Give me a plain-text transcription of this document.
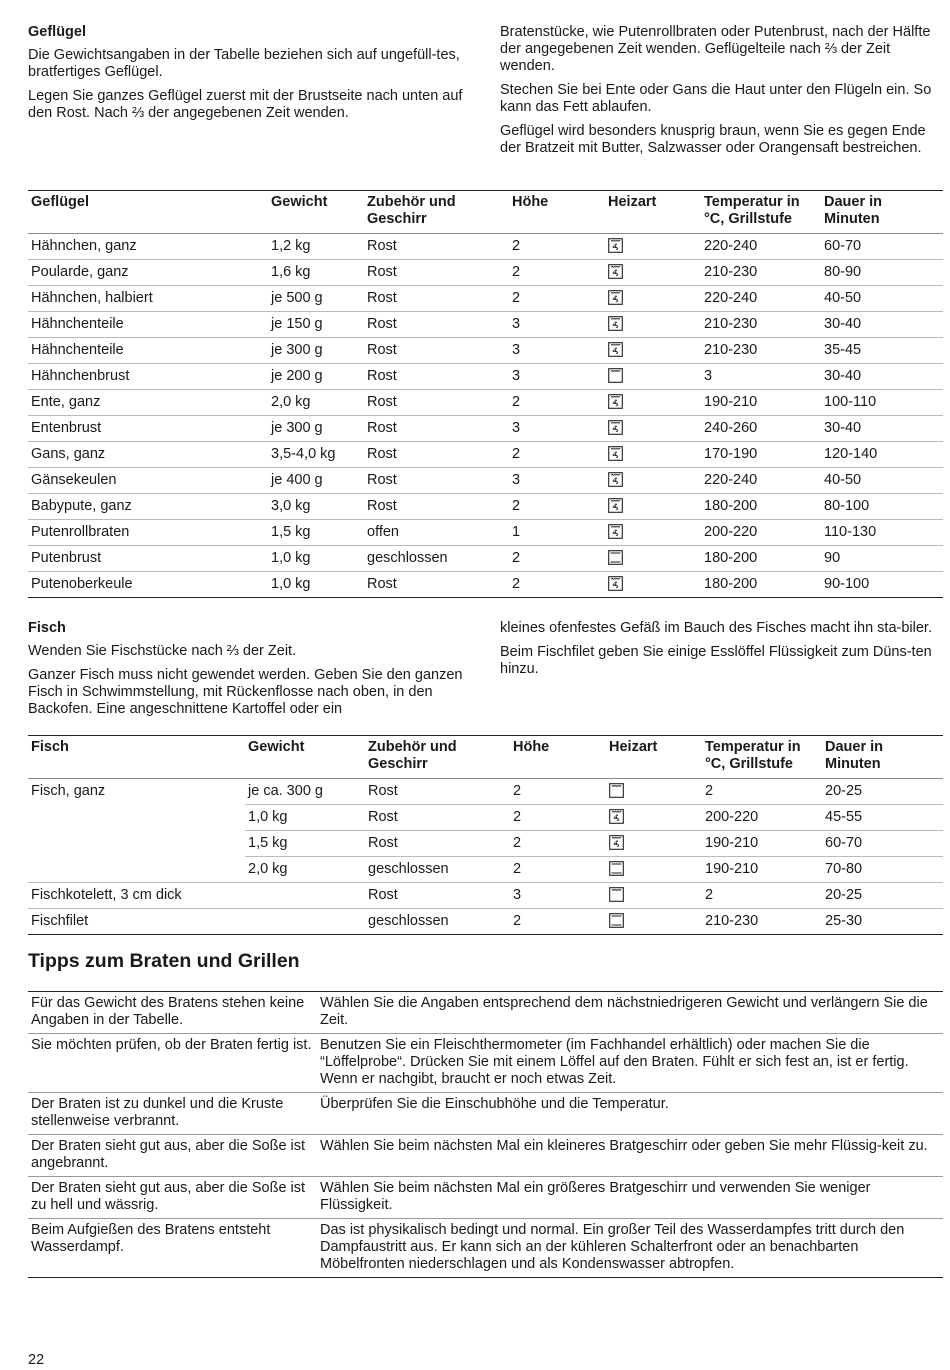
Geflügel

Die Gewichtsangaben in der Tabelle beziehen sich auf ungefüll-tes, bratfertiges Geflügel.

Legen Sie ganzes Geflügel zuerst mit der Brustseite nach unten auf den Rost. Nach ⅔ der angegebenen Zeit wenden.

Bratenstücke, wie Putenrollbraten oder Putenbrust, nach der Hälfte der angegebenen Zeit wenden. Geflügelteile nach ⅔ der Zeit wenden.

Stechen Sie bei Ente oder Gans die Haut unter den Flügeln ein. So kann das Fett ablaufen.

Geflügel wird besonders knusprig braun, wenn Sie es gegen Ende der Bratzeit mit Butter, Salzwasser oder Orangensaft bestreichen.

Geflügel	Gewicht	Zubehör und Geschirr	Höhe	Heizart	Temperatur in °C, Grillstufe	Dauer in Minuten
Hähnchen, ganz	1,2 kg	Rost	2		220-240	60-70
Poularde, ganz	1,6 kg	Rost	2		210-230	80-90
Hähnchen, halbiert	je 500 g	Rost	2		220-240	40-50
Hähnchenteile	je 150 g	Rost	3		210-230	30-40
Hähnchenteile	je 300 g	Rost	3		210-230	35-45
Hähnchenbrust	je 200 g	Rost	3		3	30-40
Ente, ganz	2,0 kg	Rost	2		190-210	100-110
Entenbrust	je 300 g	Rost	3		240-260	30-40
Gans, ganz	3,5-4,0 kg	Rost	2		170-190	120-140
Gänsekeulen	je 400 g	Rost	3		220-240	40-50
Babypute, ganz	3,0 kg	Rost	2		180-200	80-100
Putenrollbraten	1,5 kg	offen	1		200-220	110-130
Putenbrust	1,0 kg	geschlossen	2		180-200	90
Putenoberkeule	1,0 kg	Rost	2		180-200	90-100
Fisch

Wenden Sie Fischstücke nach ⅔ der Zeit.

Ganzer Fisch muss nicht gewendet werden. Geben Sie den ganzen Fisch in Schwimmstellung, mit Rückenflosse nach oben, in den Backofen. Eine angeschnittene Kartoffel oder ein

kleines ofenfestes Gefäß im Bauch des Fisches macht ihn sta-biler.

Beim Fischfilet geben Sie einige Esslöffel Flüssigkeit zum Düns-ten hinzu.

Fisch	Gewicht	Zubehör und Geschirr	Höhe	Heizart	Temperatur in °C, Grillstufe	Dauer in Minuten
Fisch, ganz	je ca. 300 g	Rost	2		2	20-25
	1,0 kg	Rost	2		200-220	45-55
	1,5 kg	Rost	2		190-210	60-70
	2,0 kg	geschlossen	2		190-210	70-80
Fischkotelett, 3 cm dick		Rost	3		2	20-25
Fischfilet		geschlossen	2		210-230	25-30
Tipps zum Braten und Grillen
Für das Gewicht des Bratens stehen keine Angaben in der Tabelle.	Wählen Sie die Angaben entsprechend dem nächstniedrigeren Gewicht und verlängern Sie die Zeit.
Sie möchten prüfen, ob der Braten fertig ist.	Benutzen Sie ein Fleischthermometer (im Fachhandel erhältlich) oder machen Sie die “Löffelprobe“. Drücken Sie mit einem Löffel auf den Braten. Fühlt er sich fest an, ist er fertig. Wenn er nachgibt, braucht er noch etwas Zeit.
Der Braten ist zu dunkel und die Kruste stellenweise verbrannt.	Überprüfen Sie die Einschubhöhe und die Temperatur.
Der Braten sieht gut aus, aber die Soße ist angebrannt.	Wählen Sie beim nächsten Mal ein kleineres Bratgeschirr oder geben Sie mehr Flüssig-keit zu.
Der Braten sieht gut aus, aber die Soße ist zu hell und wässrig.	Wählen Sie beim nächsten Mal ein größeres Bratgeschirr und verwenden Sie weniger Flüssigkeit.
Beim Aufgießen des Bratens entsteht Wasserdampf.	Das ist physikalisch bedingt und normal. Ein großer Teil des Wasserdampfes tritt durch den Dampfaustritt aus. Er kann sich an der kühleren Schalterfront oder an benachbarten Möbelfronten niederschlagen und als Kondenswasser abtropfen.
22
